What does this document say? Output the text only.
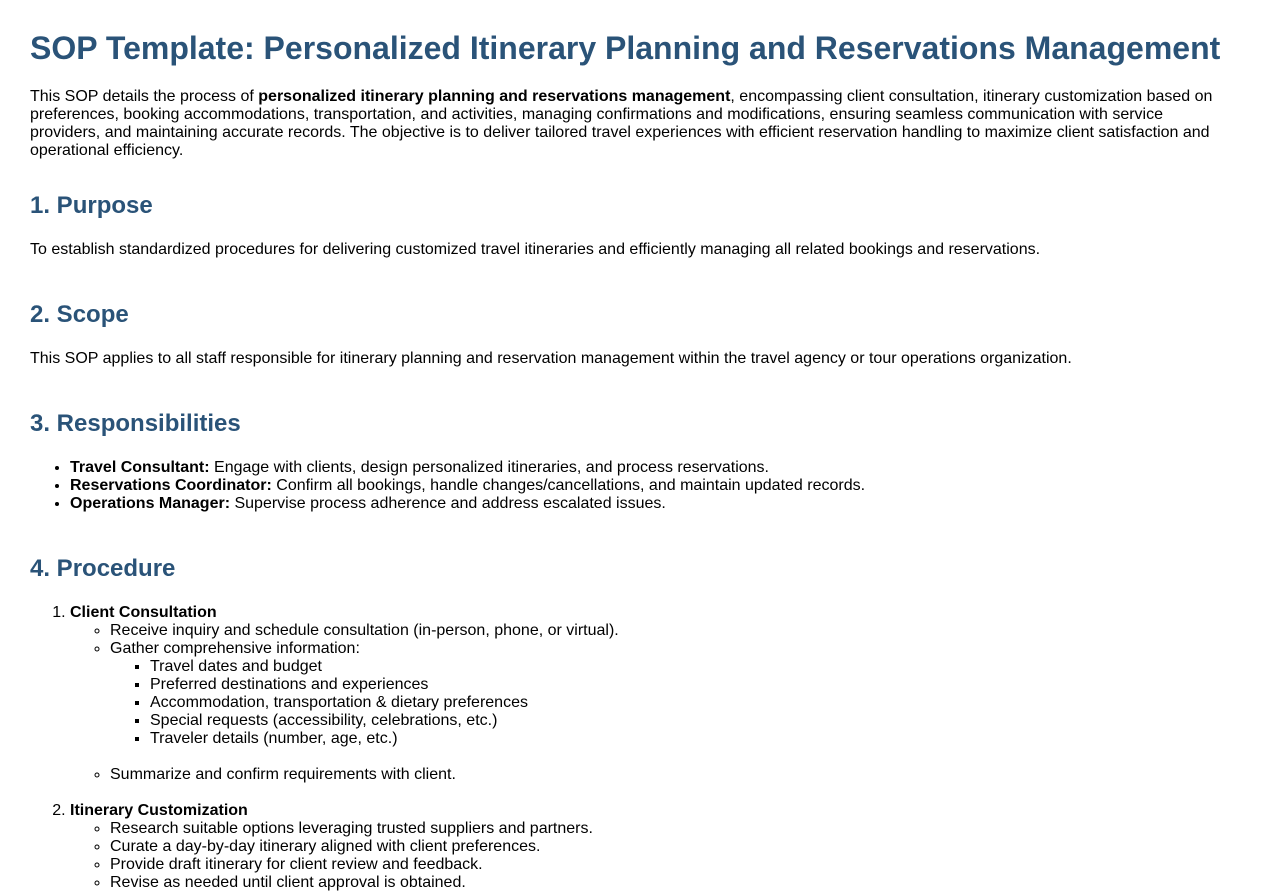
SOP Template: Personalized Itinerary Planning and Reservations Management

This SOP details the process of personalized itinerary planning and reservations management, encompassing client consultation, itinerary customization based on preferences, booking accommodations, transportation, and activities, managing confirmations and modifications, ensuring seamless communication with service providers, and maintaining accurate records. The objective is to deliver tailored travel experiences with efficient reservation handling to maximize client satisfaction and operational efficiency.

1. Purpose

To establish standardized procedures for delivering customized travel itineraries and efficiently managing all related bookings and reservations.

2. Scope

This SOP applies to all staff responsible for itinerary planning and reservation management within the travel agency or tour operations organization.

3. Responsibilities
• Travel Consultant: Engage with clients, design personalized itineraries, and process reservations.
• Reservations Coordinator: Confirm all bookings, handle changes/cancellations, and maintain updated records.
• Operations Manager: Supervise process adherence and address escalated issues.
4. Procedure
1. Client Consultation
◦ Receive inquiry and schedule consultation (in-person, phone, or virtual).
◦ Gather comprehensive information:
▪ Travel dates and budget
▪ Preferred destinations and experiences
▪ Accommodation, transportation & dietary preferences
▪ Special requests (accessibility, celebrations, etc.)
▪ Traveler details (number, age, etc.)
◦ Summarize and confirm requirements with client.
2. Itinerary Customization
◦ Research suitable options leveraging trusted suppliers and partners.
◦ Curate a day-by-day itinerary aligned with client preferences.
◦ Provide draft itinerary for client review and feedback.
◦ Revise as needed until client approval is obtained.
